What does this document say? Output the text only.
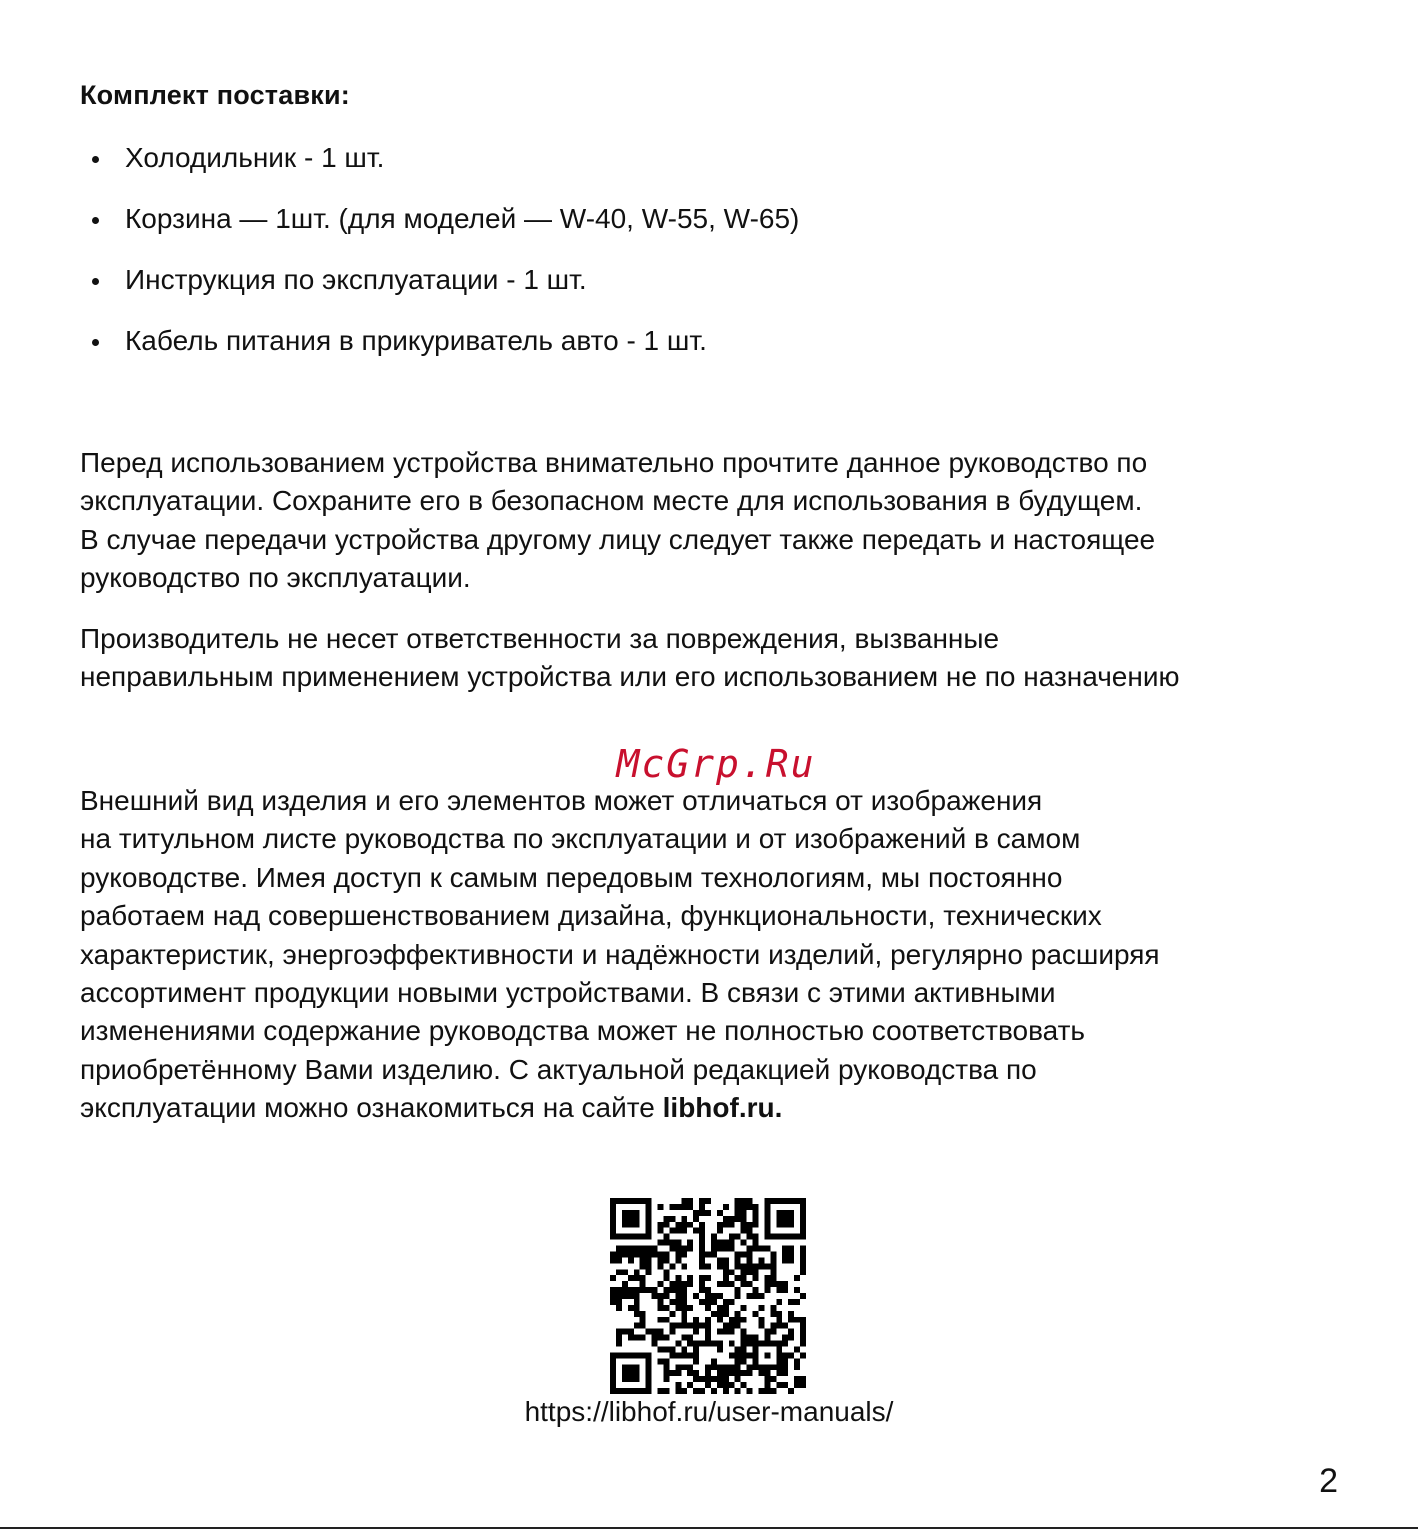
Комплект поставки:
Холодильник - 1 шт.
Корзина — 1шт. (для моделей — W-40, W-55, W-65)
Инструкция по эксплуатации - 1 шт.
Кабель питания в прикуриватель авто - 1 шт.

Перед использованием устройства внимательно прочтите данное руководство по
эксплуатации. Сохраните его в безопасном месте для использования в будущем.
В случае передачи устройства другому лицу следует также передать и настоящее
руководство по эксплуатации.

Производитель не несет ответственности за повреждения, вызванные
неправильным применением устройства или его использованием не по назначению

McGrp.Ru

Внешний вид изделия и его элементов может отличаться от изображения
на титульном листе руководства по эксплуатации и от изображений в самом
руководстве. Имея доступ к самым передовым технологиям, мы постоянно
работаем над совершенствованием дизайна, функциональности, технических
характеристик, энергоэффективности и надёжности изделий, регулярно расширяя
ассортимент продукции новыми устройствами. В связи с этими активными
изменениями содержание руководства может не полностью соответствовать
приобретённому Вами изделию. С актуальной редакцией руководства по
эксплуатации можно ознакомиться на сайте libhof.ru.

https://libhof.ru/user-manuals/
2
